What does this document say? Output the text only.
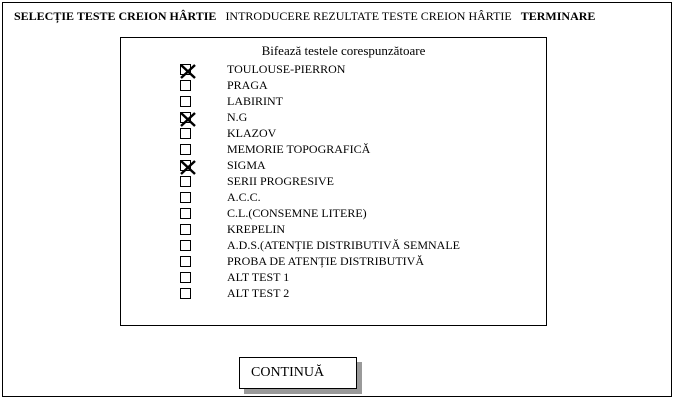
SELECȚIE TESTE CREION HÂRTIE INTRODUCERE REZULTATE TESTE CREION HÂRTIE TERMINARE
Bifează testele corespunzătoare
TOULOUSE-PIERRON
PRAGA
LABIRINT
N.G
KLAZOV
MEMORIE TOPOGRAFICĂ
SIGMA
SERII PROGRESIVE
A.C.C.
C.L.(CONSEMNE LITERE)
KREPELIN
A.D.S.(ATENȚIE DISTRIBUTIVĂ SEMNALE
PROBA DE ATENȚIE DISTRIBUTIVĂ
ALT TEST 1
ALT TEST 2
CONTINUĂ
